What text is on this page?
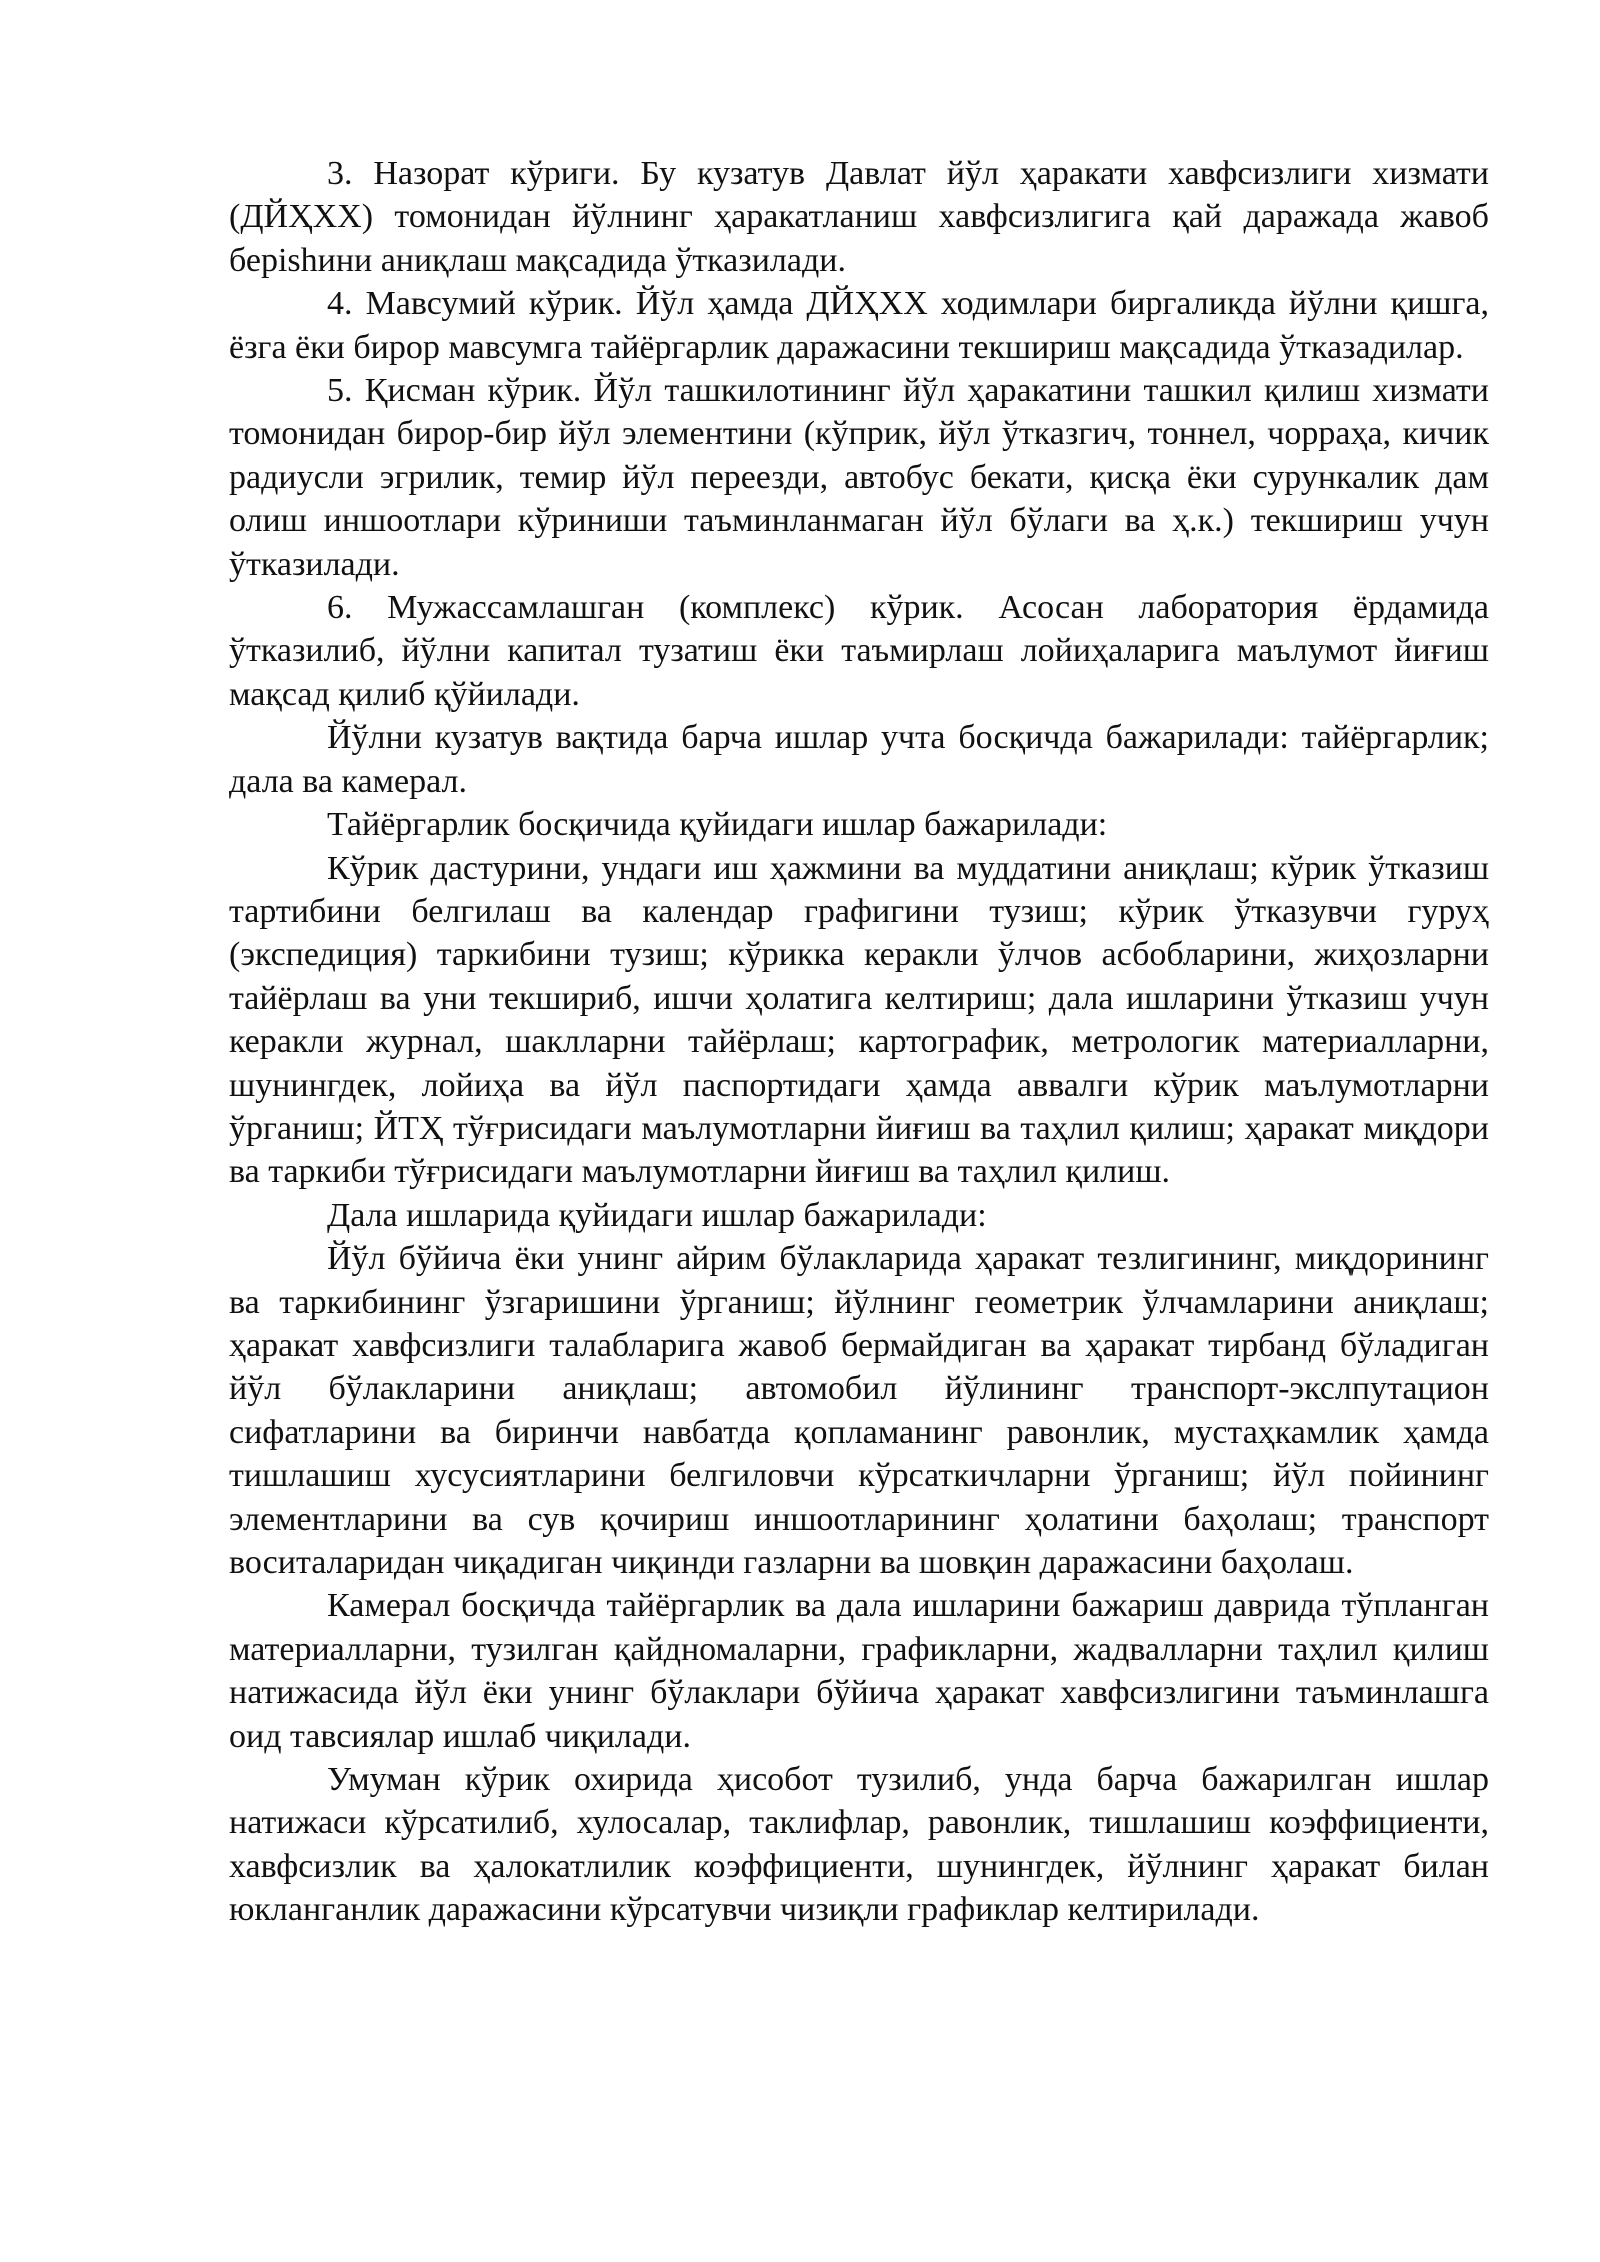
3. Назорат кўриги. Бу кузатув Давлат йўл ҳаракати хавфсизлиги хизмати (ДЙҲХХ) томонидан йўлнинг ҳаракатланиш хавфсизлигига қай даражада жавоб берishини аниқлаш мақсадида ўтказилади.

4. Мавсумий кўрик. Йўл ҳамда ДЙҲХХ ходимлари биргаликда йўлни қишга, ёзга ёки бирор мавсумга тайёргарлик даражасини текшириш мақсадида ўтказадилар.

5. Қисман кўрик. Йўл ташкилотининг йўл ҳаракатини ташкил қилиш хизмати томонидан бирор-бир йўл элементини (кўприк, йўл ўтказгич, тоннел, чорраҳа, кичик радиусли эгрилик, темир йўл переезди, автобус бекати, қисқа ёки сурункалик дам олиш иншоотлари кўриниши таъминланмаган йўл бўлаги ва ҳ.к.) текшириш учун ўтказилади.

6. Мужассамлашган (комплекс) кўрик. Асосан лаборатория ёрдамида ўтказилиб, йўлни капитал тузатиш ёки таъмирлаш лойиҳаларига маълумот йиғиш мақсад қилиб қўйилади.

Йўлни кузатув вақтида барча ишлар учта босқичда бажарилади: тайёргарлик; дала ва камерал.

Тайёргарлик босқичида қуйидаги ишлар бажарилади:

Кўрик дастурини, ундаги иш ҳажмини ва муддатини аниқлаш; кўрик ўтказиш тартибини белгилаш ва календар графигини тузиш; кўрик ўтказувчи гуруҳ (экспедиция) таркибини тузиш; кўрикка керакли ўлчов асбобларини, жиҳозларни тайёрлаш ва уни текшириб, ишчи ҳолатига келтириш; дала ишларини ўтказиш учун керакли журнал, шаклларни тайёрлаш; картографик, метрологик материалларни, шунингдек, лойиҳа ва йўл паспортидаги ҳамда аввалги кўрик маълумотларни ўрганиш; ЙТҲ тўғрисидаги маълумотларни йиғиш ва таҳлил қилиш; ҳаракат миқдори ва таркиби тўғрисидаги маълумотларни йиғиш ва таҳлил қилиш.

Дала ишларида қуйидаги ишлар бажарилади:

Йўл бўйича ёки унинг айрим бўлакларида ҳаракат тезлигининг, миқдорининг ва таркибининг ўзгаришини ўрганиш; йўлнинг геометрик ўлчамларини аниқлаш; ҳаракат хавфсизлиги талабларига жавоб бермайдиган ва ҳаракат тирбанд бўладиган йўл бўлакларини аниқлаш; автомобил йўлининг транспорт-экслпутацион сифатларини ва биринчи навбатда қопламанинг равонлик, мустаҳкамлик ҳамда тишлашиш хусусиятларини белгиловчи кўрсаткичларни ўрганиш; йўл пойининг элементларини ва сув қочириш иншоотларининг ҳолатини баҳолаш; транспорт воситаларидан чиқадиган чиқинди газларни ва шовқин даражасини баҳолаш.

Камерал босқичда тайёргарлик ва дала ишларини бажариш даврида тўпланган материалларни, тузилган қайдномаларни, графикларни, жадвалларни таҳлил қилиш натижасида йўл ёки унинг бўлаклари бўйича ҳаракат хавфсизлигини таъминлашга оид тавсиялар ишлаб чиқилади.

Умуман кўрик охирида ҳисобот тузилиб, унда барча бажарилган ишлар натижаси кўрсатилиб, хулосалар, таклифлар, равонлик, тишлашиш коэффициенти, хавфсизлик ва ҳалокатлилик коэффициенти, шунингдек, йўлнинг ҳаракат билан юкланганлик даражасини кўрсатувчи чизиқли графиклар келтирилади.
